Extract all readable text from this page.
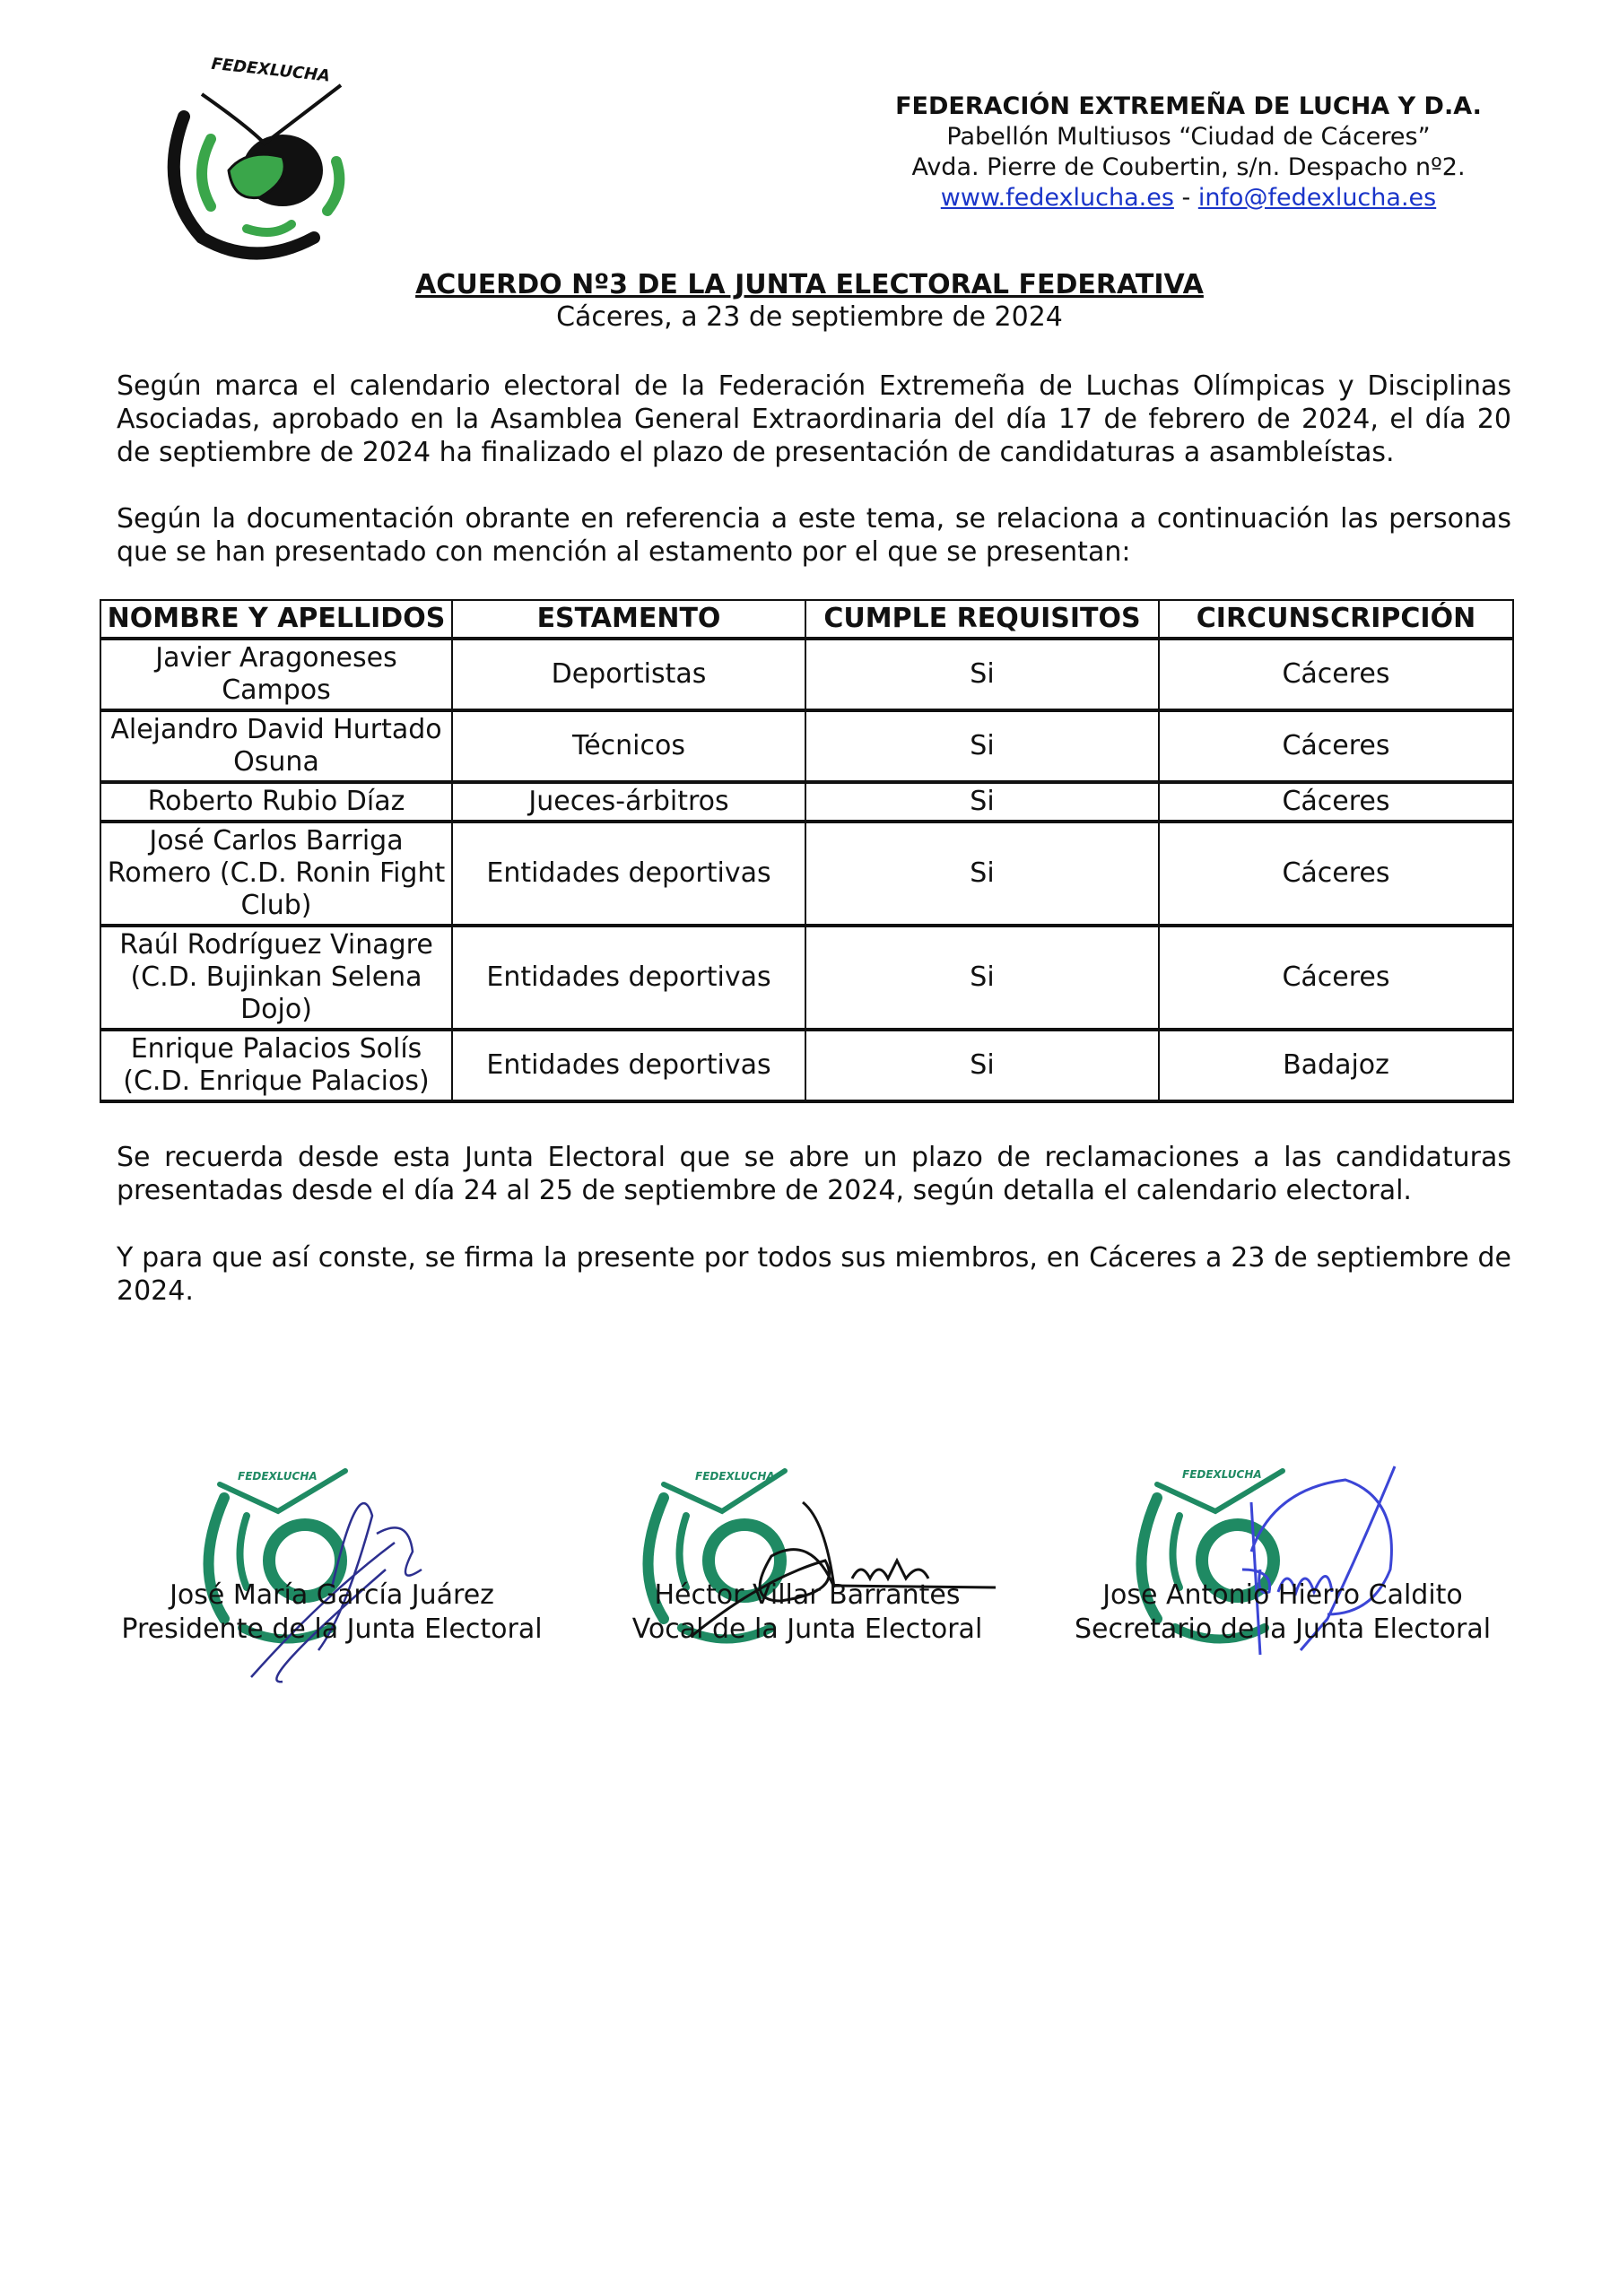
FEDEXLUCHA
FEDERACIÓN EXTREMEÑA DE LUCHA Y D.A.
Pabellón Multiusos “Ciudad de Cáceres”
Avda. Pierre de Coubertin, s/n. Despacho nº2.
www.fedexlucha.es - info@fedexlucha.es
ACUERDO Nº3 DE LA JUNTA ELECTORAL FEDERATIVA
Cáceres, a 23 de septiembre de 2024
Según marca el calendario electoral de la Federación Extremeña de Luchas Olímpicas y Disciplinas Asociadas, aprobado en la Asamblea General Extraordinaria del día 17 de febrero de 2024, el día 20 de septiembre de 2024 ha finalizado el plazo de presentación de candidaturas a asambleístas.
Según la documentación obrante en referencia a este tema, se relaciona a continuación las personas que se han presentado con mención al estamento por el que se presentan:
NOMBRE Y APELLIDOS	ESTAMENTO	CUMPLE REQUISITOS	CIRCUNSCRIPCIÓN
Javier Aragoneses Campos	Deportistas	Si	Cáceres
Alejandro David Hurtado Osuna	Técnicos	Si	Cáceres
Roberto Rubio Díaz	Jueces-árbitros	Si	Cáceres
José Carlos Barriga Romero (C.D. Ronin Fight Club)	Entidades deportivas	Si	Cáceres
Raúl Rodríguez Vinagre (C.D. Bujinkan Selena Dojo)	Entidades deportivas	Si	Cáceres
Enrique Palacios Solís (C.D. Enrique Palacios)	Entidades deportivas	Si	Badajoz
Se recuerda desde esta Junta Electoral que se abre un plazo de reclamaciones a las candidaturas presentadas desde el día 24 al 25 de septiembre de 2024, según detalla el calendario electoral.
Y para que así conste, se firma la presente por todos sus miembros, en Cáceres a 23 de septiembre de 2024.
FEDEXLUCHA
José María García Juárez
Presidente de la Junta Electoral
FEDEXLUCHA
Héctor Villar Barrantes
Vocal de la Junta Electoral
FEDEXLUCHA
Jose Antonio Hierro Caldito
Secretario de la Junta Electoral
